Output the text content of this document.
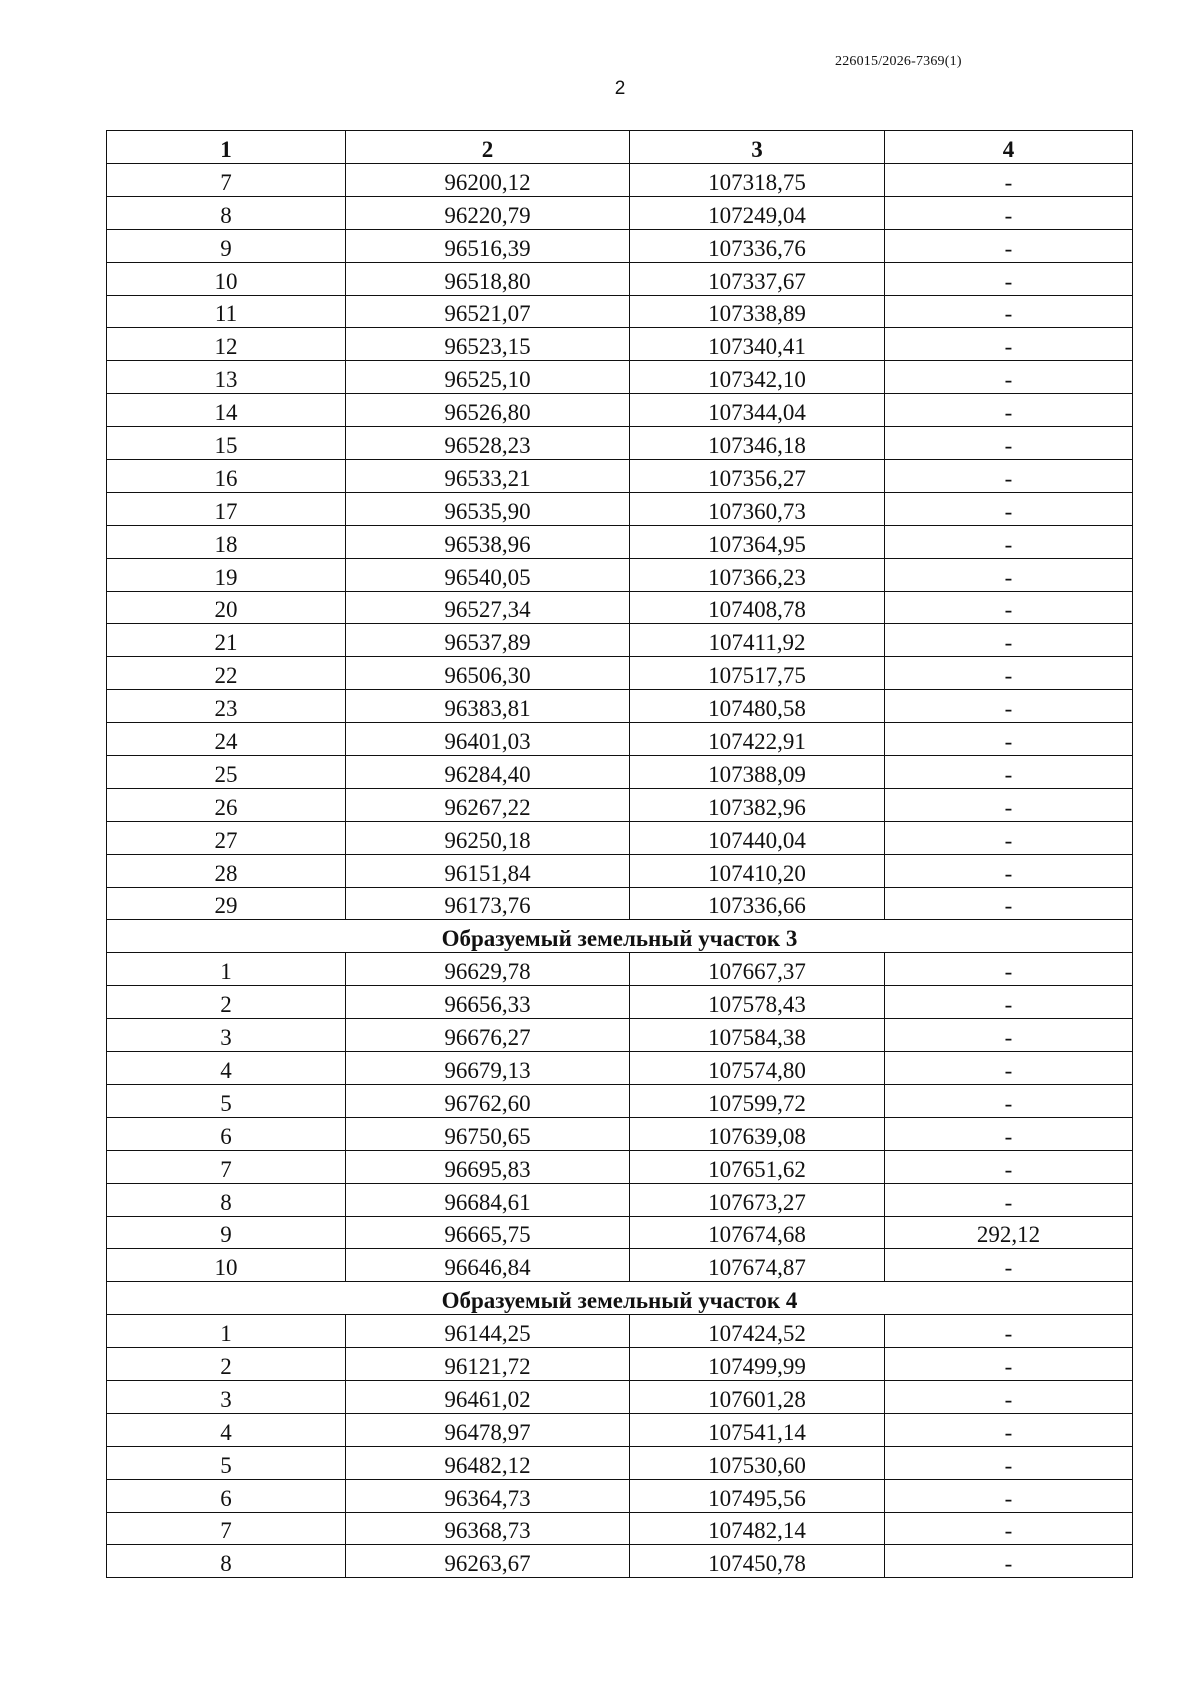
226015/2026-7369(1)
2
1	2	3	4
7	96200,12	107318,75	-
8	96220,79	107249,04	-
9	96516,39	107336,76	-
10	96518,80	107337,67	-
11	96521,07	107338,89	-
12	96523,15	107340,41	-
13	96525,10	107342,10	-
14	96526,80	107344,04	-
15	96528,23	107346,18	-
16	96533,21	107356,27	-
17	96535,90	107360,73	-
18	96538,96	107364,95	-
19	96540,05	107366,23	-
20	96527,34	107408,78	-
21	96537,89	107411,92	-
22	96506,30	107517,75	-
23	96383,81	107480,58	-
24	96401,03	107422,91	-
25	96284,40	107388,09	-
26	96267,22	107382,96	-
27	96250,18	107440,04	-
28	96151,84	107410,20	-
29	96173,76	107336,66	-
Образуемый земельный участок 3			
1	96629,78	107667,37	-
2	96656,33	107578,43	-
3	96676,27	107584,38	-
4	96679,13	107574,80	-
5	96762,60	107599,72	-
6	96750,65	107639,08	-
7	96695,83	107651,62	-
8	96684,61	107673,27	-
9	96665,75	107674,68	292,12
10	96646,84	107674,87	-
Образуемый земельный участок 4			
1	96144,25	107424,52	-
2	96121,72	107499,99	-
3	96461,02	107601,28	-
4	96478,97	107541,14	-
5	96482,12	107530,60	-
6	96364,73	107495,56	-
7	96368,73	107482,14	-
8	96263,67	107450,78	-
